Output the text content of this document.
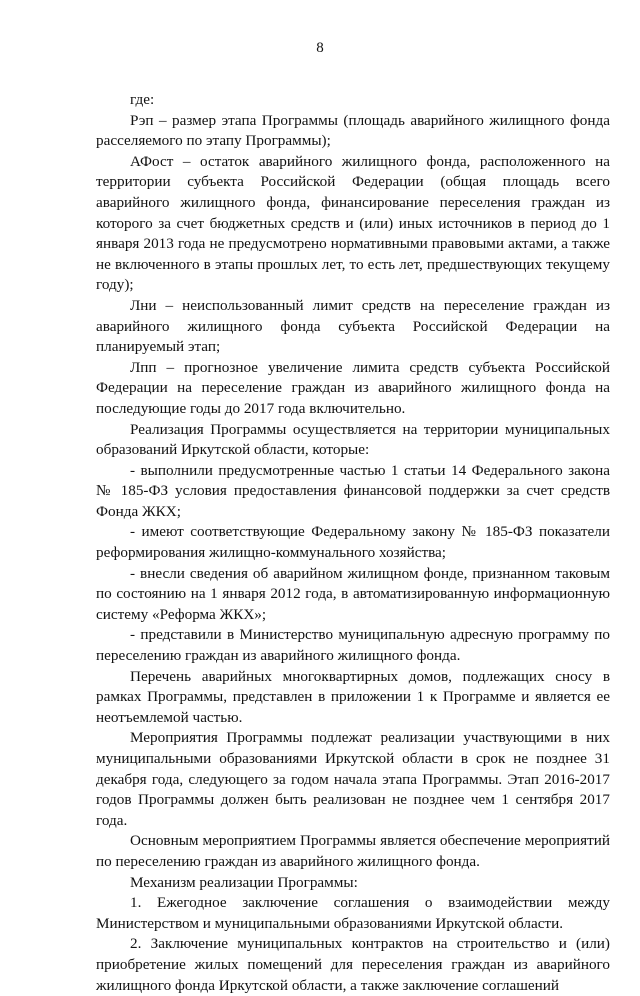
8

где:

Рэп – размер этапа Программы (площадь аварийного жилищного фонда расселяемого по этапу Программы);

АФост – остаток аварийного жилищного фонда, расположенного на территории субъекта Российской Федерации (общая площадь всего аварийного жилищного фонда, финансирование переселения граждан из которого за счет бюджетных средств и (или) иных источников в период до 1 января 2013 года не предусмотрено нормативными правовыми актами, а также не включенного в этапы прошлых лет, то есть лет, предшествующих текущему году);

Лни – неиспользованный лимит средств на переселение граждан из аварийного жилищного фонда субъекта Российской Федерации на планируемый этап;

Лпп – прогнозное увеличение лимита средств субъекта Российской Федерации на переселение граждан из аварийного жилищного фонда на последующие годы до 2017 года включительно.

Реализация Программы осуществляется на территории муниципальных образований Иркутской области, которые:

- выполнили предусмотренные частью 1 статьи 14 Федерального закона № 185-ФЗ условия предоставления финансовой поддержки за счет средств Фонда ЖКХ;

- имеют соответствующие Федеральному закону № 185-ФЗ показатели реформирования жилищно-коммунального хозяйства;

- внесли сведения об аварийном жилищном фонде, признанном таковым по состоянию на 1 января 2012 года, в автоматизированную информационную систему «Реформа ЖКХ»;

- представили в Министерство муниципальную адресную программу по переселению граждан из аварийного жилищного фонда.

Перечень аварийных многоквартирных домов, подлежащих сносу в рамках Программы, представлен в приложении 1 к Программе и является ее неотъемлемой частью.

Мероприятия Программы подлежат реализации участвующими в них муниципальными образованиями Иркутской области в срок не позднее 31 декабря года, следующего за годом начала этапа Программы. Этап 2016-2017 годов Программы должен быть реализован не позднее чем 1 сентября 2017 года.

Основным мероприятием Программы является обеспечение мероприятий по переселению граждан из аварийного жилищного фонда.

Механизм реализации Программы:

1. Ежегодное заключение соглашения о взаимодействии между Министерством и муниципальными образованиями Иркутской области.

2. Заключение муниципальных контрактов на строительство и (или) приобретение жилых помещений для переселения граждан из аварийного жилищного фонда Иркутской области, а также заключение соглашений
